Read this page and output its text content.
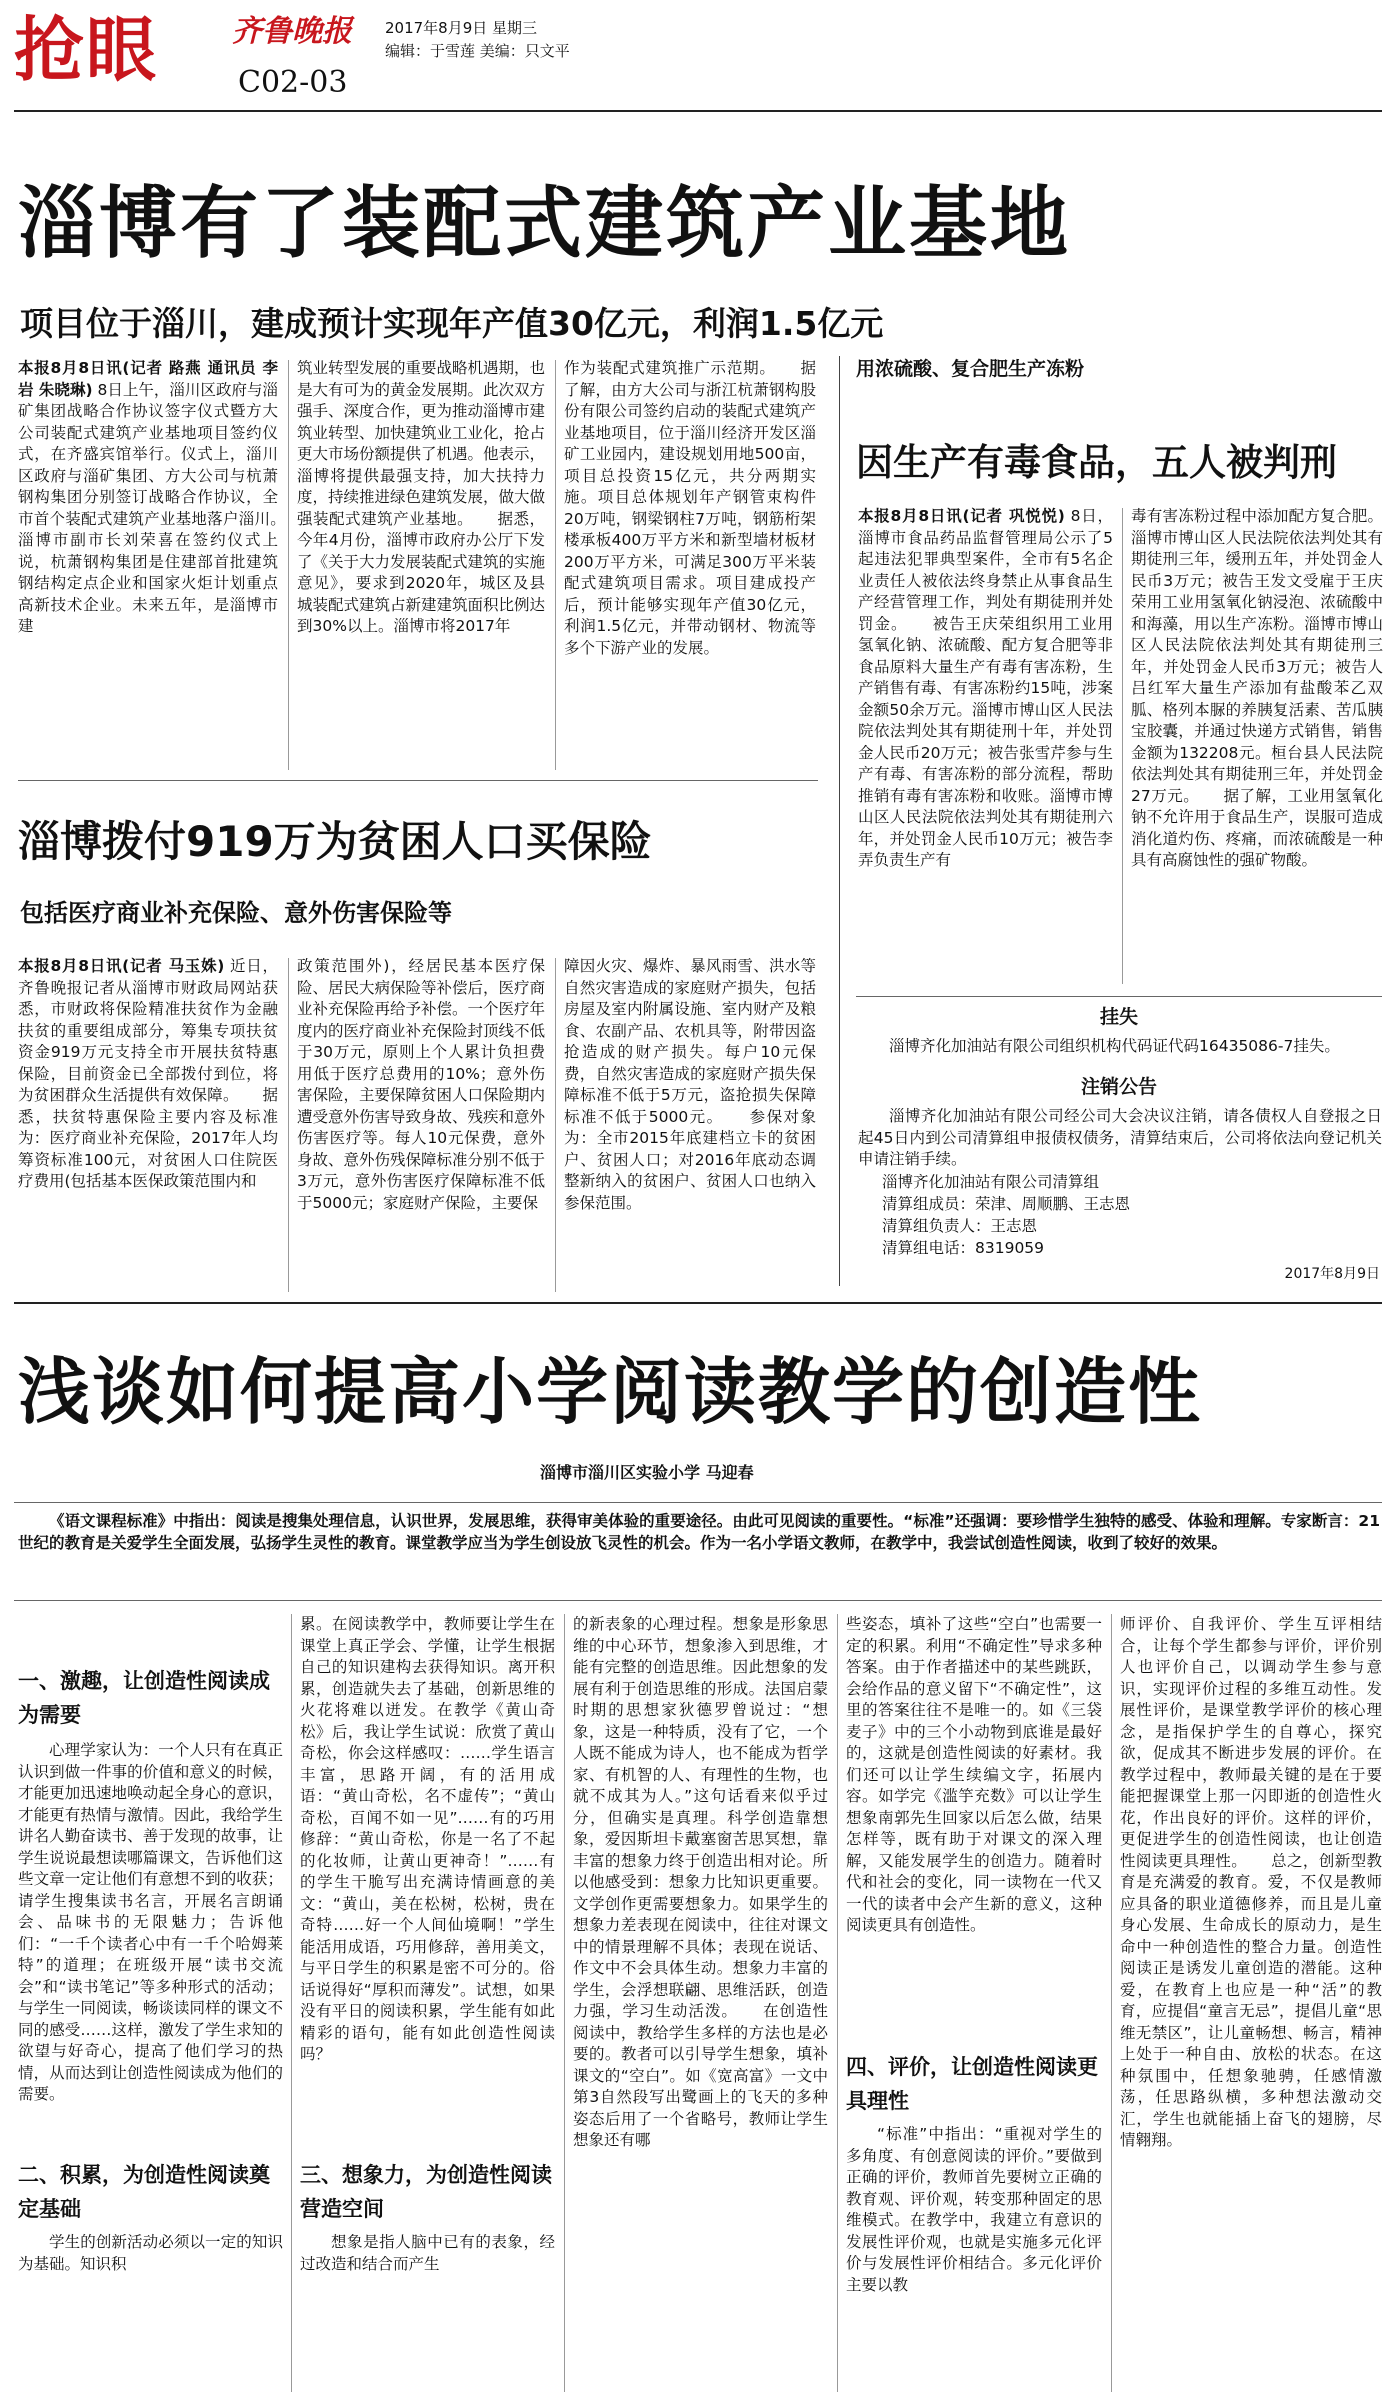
抢眼 齐鲁晚报 2017年8月9日 星期三
编辑：于雪莲 美编：只文平
C02-03
淄博有了装配式建筑产业基地
项目位于淄川，建成预计实现年产值30亿元，利润1.5亿元
本报8月8日讯(记者 路燕 通讯员 李岩 朱晓琳) 8日上午，淄川区政府与淄矿集团战略合作协议签字仪式暨方大公司装配式建筑产业基地项目签约仪式，在齐盛宾馆举行。仪式上，淄川区政府与淄矿集团、方大公司与杭萧钢构集团分别签订战略合作协议，全市首个装配式建筑产业基地落户淄川。　　淄博市副市长刘荣喜在签约仪式上说，杭萧钢构集团是住建部首批建筑钢结构定点企业和国家火炬计划重点高新技术企业。未来五年，是淄博市建
筑业转型发展的重要战略机遇期，也是大有可为的黄金发展期。此次双方强手、深度合作，更为推动淄博市建筑业转型、加快建筑业工业化，抢占更大市场份额提供了机遇。他表示，淄博将提供最强支持，加大扶持力度，持续推进绿色建筑发展，做大做强装配式建筑产业基地。　　据悉，今年4月份，淄博市政府办公厅下发了《关于大力发展装配式建筑的实施意见》，要求到2020年，城区及县城装配式建筑占新建建筑面积比例达到30%以上。淄博市将2017年
作为装配式建筑推广示范期。　　据了解，由方大公司与浙江杭萧钢构股份有限公司签约启动的装配式建筑产业基地项目，位于淄川经济开发区淄矿工业园内，建设规划用地500亩，项目总投资15亿元，共分两期实施。项目总体规划年产钢管束构件20万吨，钢梁钢柱7万吨，钢筋桁架楼承板400万平方米和新型墙材板材200万平方米，可满足300万平米装配式建筑项目需求。项目建成投产后，预计能够实现年产值30亿元，利润1.5亿元，并带动钢材、物流等多个下游产业的发展。
用浓硫酸、复合肥生产冻粉
因生产有毒食品，五人被判刑
本报8月8日讯(记者 巩悦悦) 8日，淄博市食品药品监督管理局公示了5起违法犯罪典型案件，全市有5名企业责任人被依法终身禁止从事食品生产经营管理工作，判处有期徒刑并处罚金。　　被告王庆荣组织用工业用氢氧化钠、浓硫酸、配方复合肥等非食品原料大量生产有毒有害冻粉，生产销售有毒、有害冻粉约15吨，涉案金额50余万元。淄博市博山区人民法院依法判处其有期徒刑十年，并处罚金人民币20万元；被告张雪芹参与生产有毒、有害冻粉的部分流程，帮助推销有毒有害冻粉和收账。淄博市博山区人民法院依法判处其有期徒刑六年，并处罚金人民币10万元；被告李弄负责生产有
毒有害冻粉过程中添加配方复合肥。淄博市博山区人民法院依法判处其有期徒刑三年，缓刑五年，并处罚金人民币3万元；被告王发文受雇于王庆荣用工业用氢氧化钠浸泡、浓硫酸中和海藻，用以生产冻粉。淄博市博山区人民法院依法判处其有期徒刑三年，并处罚金人民币3万元；被告人吕红军大量生产添加有盐酸苯乙双胍、格列本脲的养胰复活素、苦瓜胰宝胶囊，并通过快递方式销售，销售金额为132208元。桓台县人民法院依法判处其有期徒刑三年，并处罚金27万元。　　据了解，工业用氢氧化钠不允许用于食品生产，误服可造成消化道灼伤、疼痛，而浓硫酸是一种具有高腐蚀性的强矿物酸。
挂失
淄博齐化加油站有限公司组织机构代码证代码16435086-7挂失。
注销公告
淄博齐化加油站有限公司经公司大会决议注销，请各债权人自登报之日起45日内到公司清算组申报债权债务，清算结束后，公司将依法向登记机关申请注销手续。
淄博齐化加油站有限公司清算组
清算组成员：荣津、周顺鹏、王志恩
清算组负责人：王志恩
清算组电话：8319059
2017年8月9日
淄博拨付919万为贫困人口买保险
包括医疗商业补充保险、意外伤害保险等
本报8月8日讯(记者 马玉姝) 近日，齐鲁晚报记者从淄博市财政局网站获悉，市财政将保险精准扶贫作为金融扶贫的重要组成部分，筹集专项扶贫资金919万元支持全市开展扶贫特惠保险，目前资金已全部拨付到位，将为贫困群众生活提供有效保障。　　据悉，扶贫特惠保险主要内容及标准为：医疗商业补充保险，2017年人均筹资标准100元，对贫困人口住院医疗费用(包括基本医保政策范围内和
政策范围外)，经居民基本医疗保险、居民大病保险等补偿后，医疗商业补充保险再给予补偿。一个医疗年度内的医疗商业补充保险封顶线不低于30万元，原则上个人累计负担费用低于医疗总费用的10%；意外伤害保险，主要保障贫困人口保险期内遭受意外伤害导致身故、残疾和意外伤害医疗等。每人10元保费，意外身故、意外伤残保障标准分别不低于3万元，意外伤害医疗保障标准不低于5000元；家庭财产保险，主要保
障因火灾、爆炸、暴风雨雪、洪水等自然灾害造成的家庭财产损失，包括房屋及室内附属设施、室内财产及粮食、农副产品、农机具等，附带因盗抢造成的财产损失。每户10元保费，自然灾害造成的家庭财产损失保障标准不低于5万元，盗抢损失保障标准不低于5000元。　　参保对象为：全市2015年底建档立卡的贫困户、贫困人口；对2016年底动态调整新纳入的贫困户、贫困人口也纳入参保范围。
浅谈如何提高小学阅读教学的创造性
淄博市淄川区实验小学 马迎春
《语文课程标准》中指出：阅读是搜集处理信息，认识世界，发展思维，获得审美体验的重要途径。由此可见阅读的重要性。“标准”还强调：要珍惜学生独特的感受、体验和理解。专家断言：21世纪的教育是关爱学生全面发展，弘扬学生灵性的教育。课堂教学应当为学生创设放飞灵性的机会。作为一名小学语文教师，在教学中，我尝试创造性阅读，收到了较好的效果。
一、激趣，让创造性阅读成为需要

心理学家认为：一个人只有在真正认识到做一件事的价值和意义的时候，才能更加迅速地唤动起全身心的意识，才能更有热情与激情。因此，我给学生讲名人勤奋读书、善于发现的故事，让学生说说最想读哪篇课文，告诉他们这些文章一定让他们有意想不到的收获；请学生搜集读书名言，开展名言朗诵会、品味书的无限魅力；告诉他们：“一千个读者心中有一千个哈姆莱特”的道理；在班级开展“读书交流会”和“读书笔记”等多种形式的活动；与学生一同阅读，畅谈读同样的课文不同的感受……这样，激发了学生求知的欲望与好奇心，提高了他们学习的热情，从而达到让创造性阅读成为他们的需要。

二、积累，为创造性阅读奠定基础

学生的创新活动必须以一定的知识为基础。知识积

累。在阅读教学中，教师要让学生在课堂上真正学会、学懂，让学生根据自己的知识建构去获得知识。离开积累，创造就失去了基础，创新思维的火花将难以迸发。在教学《黄山奇松》后，我让学生试说：欣赏了黄山奇松，你会这样感叹：……学生语言丰富，思路开阔，有的活用成语：“黄山奇松，名不虚传”；“黄山奇松，百闻不如一见”……有的巧用修辞：“黄山奇松，你是一名了不起的化妆师，让黄山更神奇！”……有的学生干脆写出充满诗情画意的美文：“黄山，美在松树，松树，贵在奇特……好一个人间仙境啊！”学生能活用成语，巧用修辞，善用美文，与平日学生的积累是密不可分的。俗话说得好“厚积而薄发”。试想，如果没有平日的阅读积累，学生能有如此精彩的语句，能有如此创造性阅读吗？
三、想象力，为创造性阅读营造空间

想象是指人脑中已有的表象，经过改造和结合而产生

的新表象的心理过程。想象是形象思维的中心环节，想象渗入到思维，才能有完整的创造思维。因此想象的发展有利于创造思维的形成。法国启蒙时期的思想家狄德罗曾说过：“想象，这是一种特质，没有了它，一个人既不能成为诗人，也不能成为哲学家、有机智的人、有理性的生物，也就不成其为人。”这句话看来似乎过分，但确实是真理。科学创造靠想象，爱因斯坦卡戴塞窗苦思冥想，靠丰富的想象力终于创造出相对论。所以他感受到：想象力比知识更重要。文学创作更需要想象力。如果学生的想象力差表现在阅读中，往往对课文中的情景理解不具体；表现在说话、作文中不会具体生动。想象力丰富的学生，会浮想联翩、思维活跃，创造力强，学习生动活泼。　　在创造性阅读中，教给学生多样的方法也是必要的。教者可以引导学生想象，填补课文的“空白”。如《宽高富》一文中第3自然段写出鹭画上的飞天的多种姿态后用了一个省略号，教师让学生想象还有哪
些姿态，填补了这些“空白”也需要一定的积累。利用“不确定性”导求多种答案。由于作者描述中的某些跳跃，会给作品的意义留下“不确定性”，这里的答案往往不是唯一的。如《三袋麦子》中的三个小动物到底谁是最好的，这就是创造性阅读的好素材。我们还可以让学生续编文字，拓展内容。如学完《滥竽充数》可以让学生想象南郭先生回家以后怎么做，结果怎样等，既有助于对课文的深入理解，又能发展学生的创造力。随着时代和社会的变化，同一读物在一代又一代的读者中会产生新的意义，这种阅读更具有创造性。
四、评价，让创造性阅读更具理性

“标准”中指出：“重视对学生的多角度、有创意阅读的评价。”要做到正确的评价，教师首先要树立正确的教育观、评价观，转变那种固定的思维模式。在教学中，我建立有意识的发展性评价观，也就是实施多元化评价与发展性评价相结合。多元化评价主要以教

师评价、自我评价、学生互评相结合，让每个学生都参与评价，评价别人也评价自己，以调动学生参与意识，实现评价过程的多维互动性。发展性评价，是课堂教学评价的核心理念，是指保护学生的自尊心，探究欲，促成其不断进步发展的评价。在教学过程中，教师最关键的是在于要能把握课堂上那一闪即逝的创造性火花，作出良好的评价。这样的评价，更促进学生的创造性阅读，也让创造性阅读更具理性。　　总之，创新型教育是充满爱的教育。爱，不仅是教师应具备的职业道德修养，而且是儿童身心发展、生命成长的原动力，是生命中一种创造性的整合力量。创造性阅读正是诱发儿童创造的潜能。这种爱，在教育上也应是一种“活”的教育，应提倡“童言无忌”，提倡儿童“思维无禁区”，让儿童畅想、畅言，精神上处于一种自由、放松的状态。在这种氛围中，任想象驰骋，任感情激荡，任思路纵横，多种想法激动交汇，学生也就能插上奋飞的翅膀，尽情翱翔。
